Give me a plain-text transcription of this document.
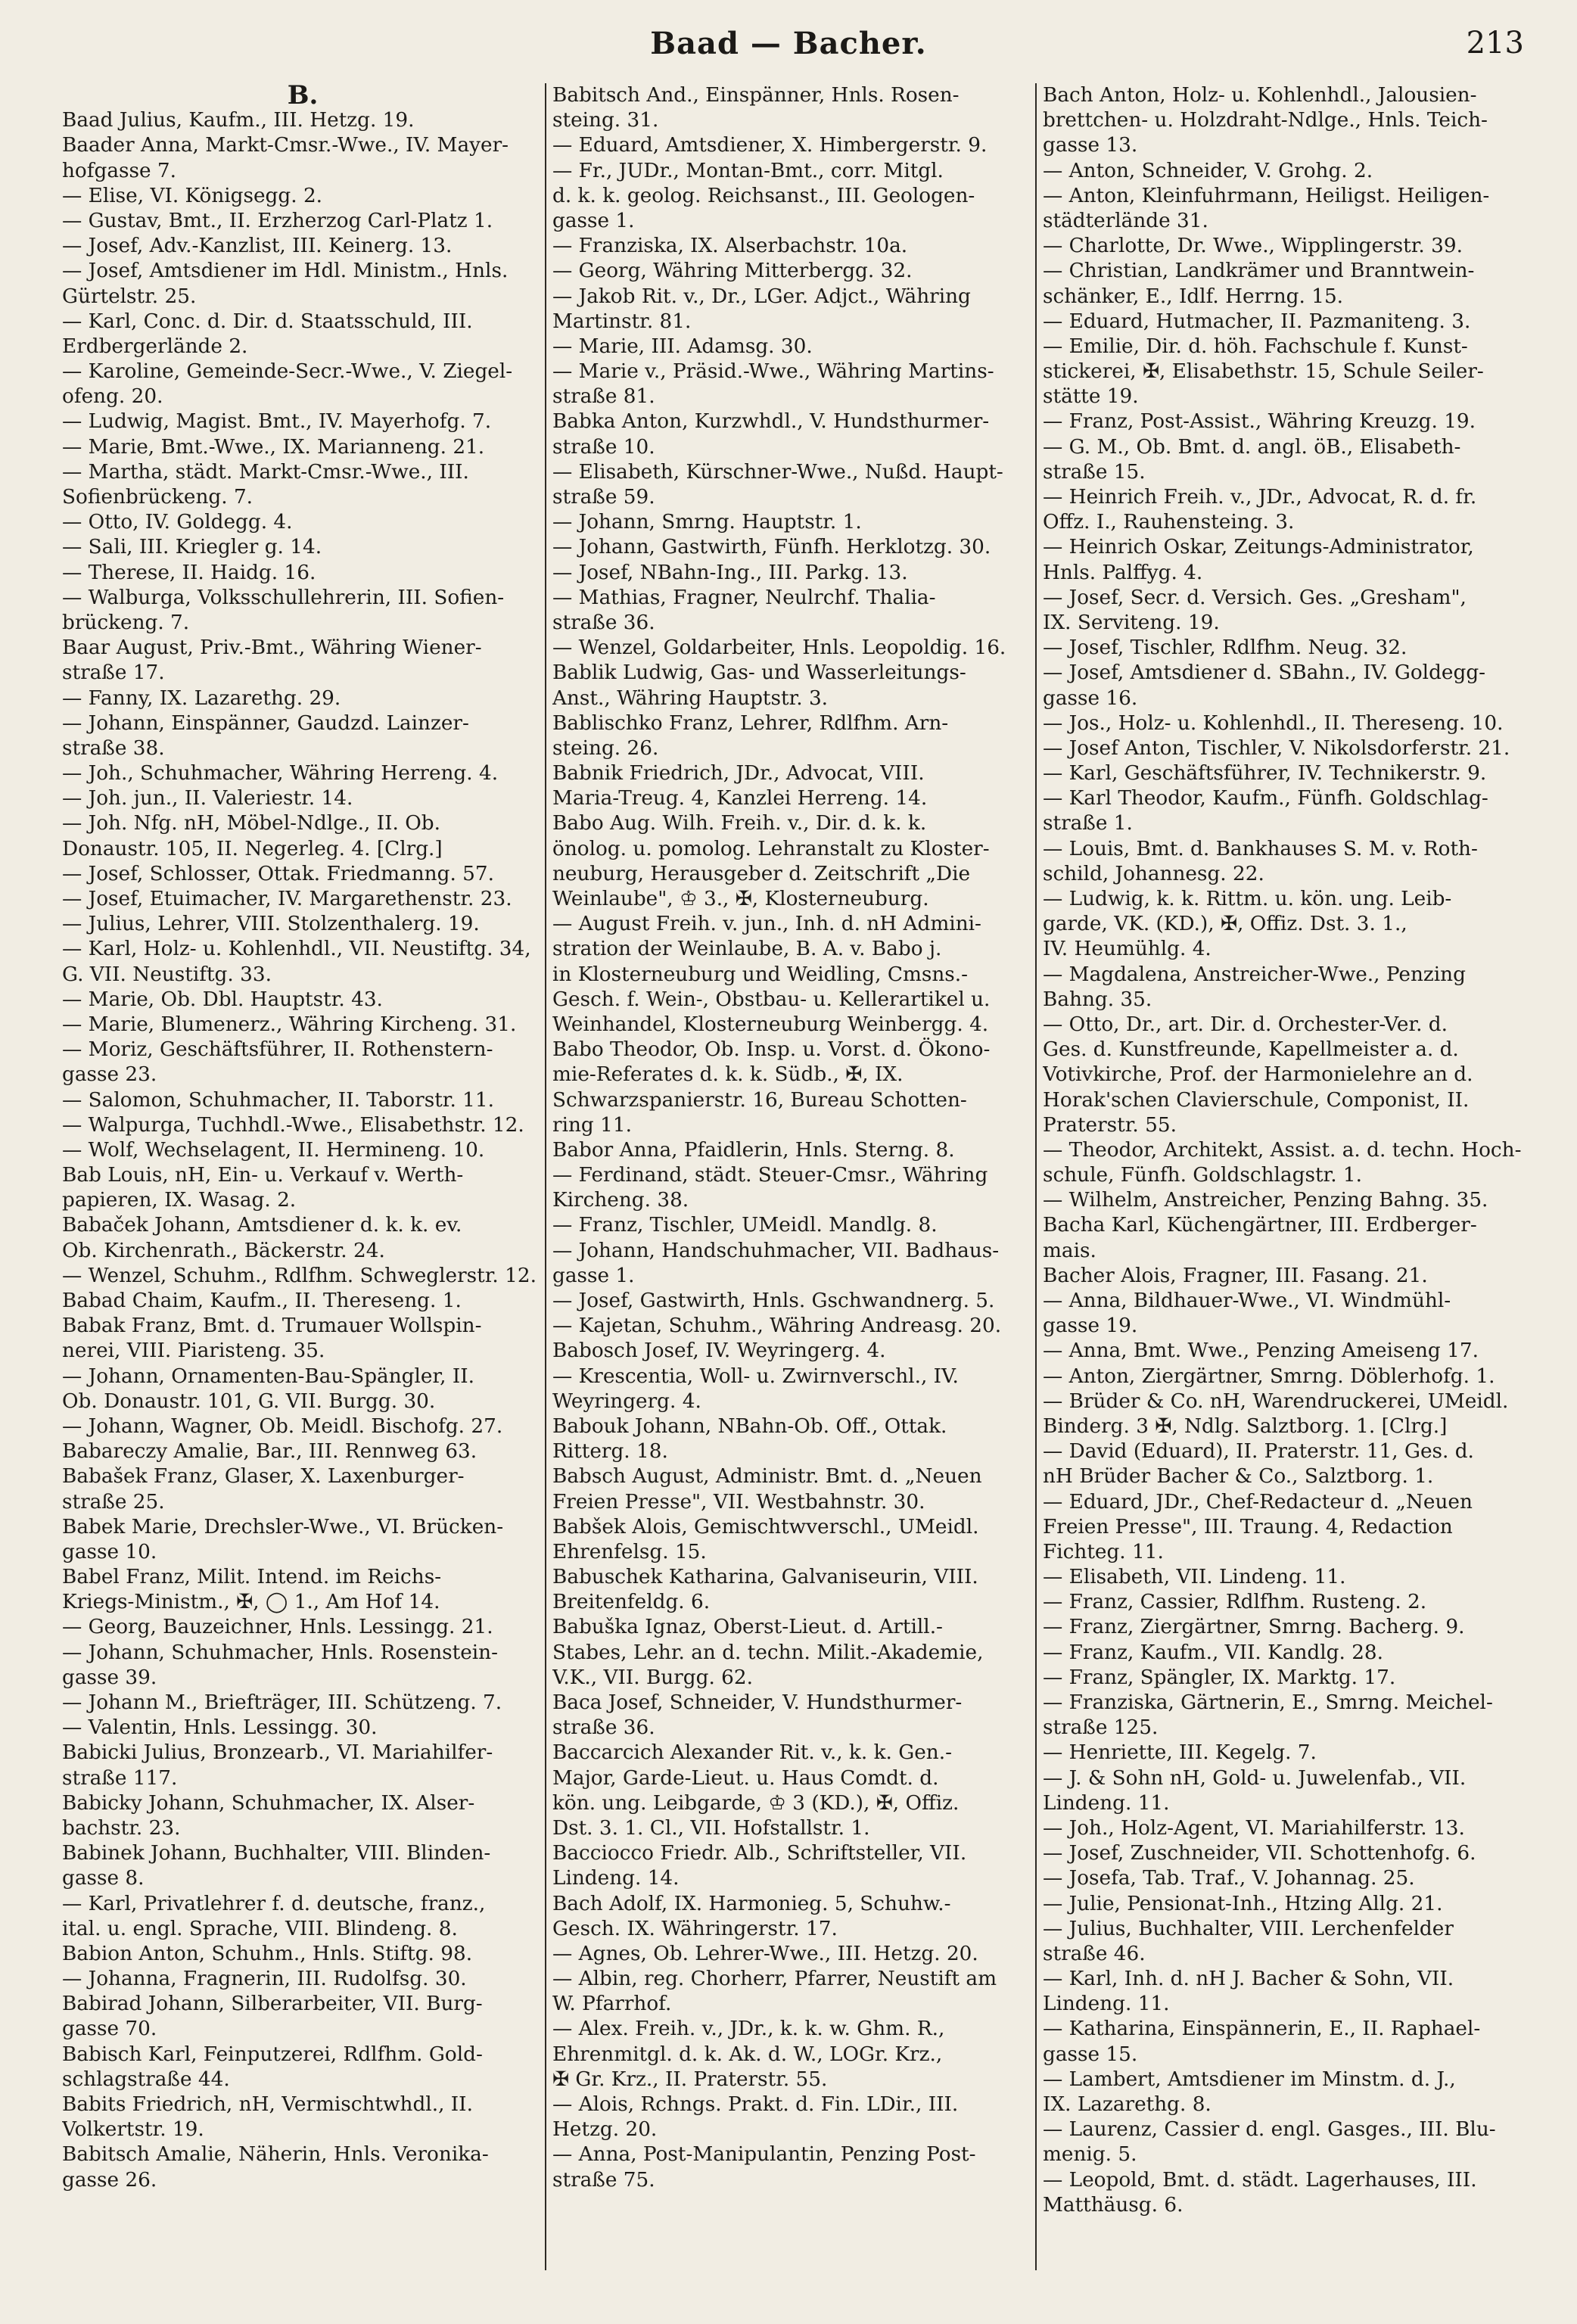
Baad — Bacher.	213
B.
Baad Julius, Kaufm., III. Hetzg. 19.
Baader Anna, Markt-Cmsr.-Wwe., IV. Mayer-
hofgasse 7.
— Elise, VI. Königsegg. 2.
— Gustav, Bmt., II. Erzherzog Carl-Platz 1.
— Josef, Adv.-Kanzlist, III. Keinerg. 13.
— Josef, Amtsdiener im Hdl. Ministm., Hnls.
Gürtelstr. 25.
— Karl, Conc. d. Dir. d. Staatsschuld, III.
Erdbergerlände 2.
— Karoline, Gemeinde-Secr.-Wwe., V. Ziegel-
ofeng. 20.
— Ludwig, Magist. Bmt., IV. Mayerhofg. 7.
— Marie, Bmt.-Wwe., IX. Marianneng. 21.
— Martha, städt. Markt-Cmsr.-Wwe., III.
Sofienbrückeng. 7.
— Otto, IV. Goldegg. 4.
— Sali, III. Kriegler g. 14.
— Therese, II. Haidg. 16.
— Walburga, Volksschullehrerin, III. Sofien-
brückeng. 7.
Baar August, Priv.-Bmt., Währing Wiener-
straße 17.
— Fanny, IX. Lazarethg. 29.
— Johann, Einspänner, Gaudzd. Lainzer-
straße 38.
— Joh., Schuhmacher, Währing Herreng. 4.
— Joh. jun., II. Valeriestr. 14.
— Joh. Nfg. nH, Möbel-Ndlge., II. Ob.
Donaustr. 105, II. Negerleg. 4. [Clrg.]
— Josef, Schlosser, Ottak. Friedmanng. 57.
— Josef, Etuimacher, IV. Margarethenstr. 23.
— Julius, Lehrer, VIII. Stolzenthalerg. 19.
— Karl, Holz- u. Kohlenhdl., VII. Neustiftg. 34,
G. VII. Neustiftg. 33.
— Marie, Ob. Dbl. Hauptstr. 43.
— Marie, Blumenerz., Währing Kircheng. 31.
— Moriz, Geschäftsführer, II. Rothenstern-
gasse 23.
— Salomon, Schuhmacher, II. Taborstr. 11.
— Walpurga, Tuchhdl.-Wwe., Elisabethstr. 12.
— Wolf, Wechselagent, II. Hermineng. 10.
Bab Louis, nH, Ein- u. Verkauf v. Werth-
papieren, IX. Wasag. 2.
Babaček Johann, Amtsdiener d. k. k. ev.
Ob. Kirchenrath., Bäckerstr. 24.
— Wenzel, Schuhm., Rdlfhm. Schweglerstr. 12.
Babad Chaim, Kaufm., II. Thereseng. 1.
Babak Franz, Bmt. d. Trumauer Wollspin-
nerei, VIII. Piaristeng. 35.
— Johann, Ornamenten-Bau-Spängler, II.
Ob. Donaustr. 101, G. VII. Burgg. 30.
— Johann, Wagner, Ob. Meidl. Bischofg. 27.
Babareczy Amalie, Bar., III. Rennweg 63.
Babašek Franz, Glaser, X. Laxenburger-
straße 25.
Babek Marie, Drechsler-Wwe., VI. Brücken-
gasse 10.
Babel Franz, Milit. Intend. im Reichs-
Kriegs-Ministm., ✠, ◯ 1., Am Hof 14.
— Georg, Bauzeichner, Hnls. Lessingg. 21.
— Johann, Schuhmacher, Hnls. Rosenstein-
gasse 39.
— Johann M., Briefträger, III. Schützeng. 7.
— Valentin, Hnls. Lessingg. 30.
Babicki Julius, Bronzearb., VI. Mariahilfer-
straße 117.
Babicky Johann, Schuhmacher, IX. Alser-
bachstr. 23.
Babinek Johann, Buchhalter, VIII. Blinden-
gasse 8.
— Karl, Privatlehrer f. d. deutsche, franz.,
ital. u. engl. Sprache, VIII. Blindeng. 8.
Babion Anton, Schuhm., Hnls. Stiftg. 98.
— Johanna, Fragnerin, III. Rudolfsg. 30.
Babirad Johann, Silberarbeiter, VII. Burg-
gasse 70.
Babisch Karl, Feinputzerei, Rdlfhm. Gold-
schlagstraße 44.
Babits Friedrich, nH, Vermischtwhdl., II.
Volkertstr. 19.
Babitsch Amalie, Näherin, Hnls. Veronika-
gasse 26.
Babitsch And., Einspänner, Hnls. Rosen-
steing. 31.
— Eduard, Amtsdiener, X. Himbergerstr. 9.
— Fr., JUDr., Montan-Bmt., corr. Mitgl.
d. k. k. geolog. Reichsanst., III. Geologen-
gasse 1.
— Franziska, IX. Alserbachstr. 10a.
— Georg, Währing Mitterbergg. 32.
— Jakob Rit. v., Dr., LGer. Adjct., Währing
Martinstr. 81.
— Marie, III. Adamsg. 30.
— Marie v., Präsid.-Wwe., Währing Martins-
straße 81.
Babka Anton, Kurzwhdl., V. Hundsthurmer-
straße 10.
— Elisabeth, Kürschner-Wwe., Nußd. Haupt-
straße 59.
— Johann, Smrng. Hauptstr. 1.
— Johann, Gastwirth, Fünfh. Herklotzg. 30.
— Josef, NBahn-Ing., III. Parkg. 13.
— Mathias, Fragner, Neulrchf. Thalia-
straße 36.
— Wenzel, Goldarbeiter, Hnls. Leopoldig. 16.
Bablik Ludwig, Gas- und Wasserleitungs-
Anst., Währing Hauptstr. 3.
Bablischko Franz, Lehrer, Rdlfhm. Arn-
steing. 26.
Babnik Friedrich, JDr., Advocat, VIII.
Maria-Treug. 4, Kanzlei Herreng. 14.
Babo Aug. Wilh. Freih. v., Dir. d. k. k.
önolog. u. pomolog. Lehranstalt zu Kloster-
neuburg, Herausgeber d. Zeitschrift „Die
Weinlaube", ♔ 3., ✠, Klosterneuburg.
— August Freih. v. jun., Inh. d. nH Admini-
stration der Weinlaube, B. A. v. Babo j.
in Klosterneuburg und Weidling, Cmsns.-
Gesch. f. Wein-, Obstbau- u. Kellerartikel u.
Weinhandel, Klosterneuburg Weinbergg. 4.
Babo Theodor, Ob. Insp. u. Vorst. d. Ökono-
mie-Referates d. k. k. Südb., ✠, IX.
Schwarzspanierstr. 16, Bureau Schotten-
ring 11.
Babor Anna, Pfaidlerin, Hnls. Sterng. 8.
— Ferdinand, städt. Steuer-Cmsr., Währing
Kircheng. 38.
— Franz, Tischler, UMeidl. Mandlg. 8.
— Johann, Handschuhmacher, VII. Badhaus-
gasse 1.
— Josef, Gastwirth, Hnls. Gschwandnerg. 5.
— Kajetan, Schuhm., Währing Andreasg. 20.
Babosch Josef, IV. Weyringerg. 4.
— Krescentia, Woll- u. Zwirnverschl., IV.
Weyringerg. 4.
Babouk Johann, NBahn-Ob. Off., Ottak.
Ritterg. 18.
Babsch August, Administr. Bmt. d. „Neuen
Freien Presse", VII. Westbahnstr. 30.
Babšek Alois, Gemischtwverschl., UMeidl.
Ehrenfelsg. 15.
Babuschek Katharina, Galvaniseurin, VIII.
Breitenfeldg. 6.
Babuška Ignaz, Oberst-Lieut. d. Artill.-
Stabes, Lehr. an d. techn. Milit.-Akademie,
V.K., VII. Burgg. 62.
Baca Josef, Schneider, V. Hundsthurmer-
straße 36.
Baccarcich Alexander Rit. v., k. k. Gen.-
Major, Garde-Lieut. u. Haus Comdt. d.
kön. ung. Leibgarde, ♔ 3 (KD.), ✠, Offiz.
Dst. 3. 1. Cl., VII. Hofstallstr. 1.
Bacciocco Friedr. Alb., Schriftsteller, VII.
Lindeng. 14.
Bach Adolf, IX. Harmonieg. 5, Schuhw.-
Gesch. IX. Währingerstr. 17.
— Agnes, Ob. Lehrer-Wwe., III. Hetzg. 20.
— Albin, reg. Chorherr, Pfarrer, Neustift am
W. Pfarrhof.
— Alex. Freih. v., JDr., k. k. w. Ghm. R.,
Ehrenmitgl. d. k. Ak. d. W., LOGr. Krz.,
✠ Gr. Krz., II. Praterstr. 55.
— Alois, Rchngs. Prakt. d. Fin. LDir., III.
Hetzg. 20.
— Anna, Post-Manipulantin, Penzing Post-
straße 75.
Bach Anton, Holz- u. Kohlenhdl., Jalousien-
brettchen- u. Holzdraht-Ndlge., Hnls. Teich-
gasse 13.
— Anton, Schneider, V. Grohg. 2.
— Anton, Kleinfuhrmann, Heiligst. Heiligen-
städterlände 31.
— Charlotte, Dr. Wwe., Wipplingerstr. 39.
— Christian, Landkrämer und Branntwein-
schänker, E., Idlf. Herrng. 15.
— Eduard, Hutmacher, II. Pazmaniteng. 3.
— Emilie, Dir. d. höh. Fachschule f. Kunst-
stickerei, ✠, Elisabethstr. 15, Schule Seiler-
stätte 19.
— Franz, Post-Assist., Währing Kreuzg. 19.
— G. M., Ob. Bmt. d. angl. öB., Elisabeth-
straße 15.
— Heinrich Freih. v., JDr., Advocat, R. d. fr.
Offz. I., Rauhensteing. 3.
— Heinrich Oskar, Zeitungs-Administrator,
Hnls. Palffyg. 4.
— Josef, Secr. d. Versich. Ges. „Gresham",
IX. Serviteng. 19.
— Josef, Tischler, Rdlfhm. Neug. 32.
— Josef, Amtsdiener d. SBahn., IV. Goldegg-
gasse 16.
— Jos., Holz- u. Kohlenhdl., II. Thereseng. 10.
— Josef Anton, Tischler, V. Nikolsdorferstr. 21.
— Karl, Geschäftsführer, IV. Technikerstr. 9.
— Karl Theodor, Kaufm., Fünfh. Goldschlag-
straße 1.
— Louis, Bmt. d. Bankhauses S. M. v. Roth-
schild, Johannesg. 22.
— Ludwig, k. k. Rittm. u. kön. ung. Leib-
garde, VK. (KD.), ✠, Offiz. Dst. 3. 1.,
IV. Heumühlg. 4.
— Magdalena, Anstreicher-Wwe., Penzing
Bahng. 35.
— Otto, Dr., art. Dir. d. Orchester-Ver. d.
Ges. d. Kunstfreunde, Kapellmeister a. d.
Votivkirche, Prof. der Harmonielehre an d.
Horak'schen Clavierschule, Componist, II.
Praterstr. 55.
— Theodor, Architekt, Assist. a. d. techn. Hoch-
schule, Fünfh. Goldschlagstr. 1.
— Wilhelm, Anstreicher, Penzing Bahng. 35.
Bacha Karl, Küchengärtner, III. Erdberger-
mais.
Bacher Alois, Fragner, III. Fasang. 21.
— Anna, Bildhauer-Wwe., VI. Windmühl-
gasse 19.
— Anna, Bmt. Wwe., Penzing Ameiseng 17.
— Anton, Ziergärtner, Smrng. Döblerhofg. 1.
— Brüder & Co. nH, Warendruckerei, UMeidl.
Binderg. 3 ✠, Ndlg. Salztborg. 1. [Clrg.]
— David (Eduard), II. Praterstr. 11, Ges. d.
nH Brüder Bacher & Co., Salztborg. 1.
— Eduard, JDr., Chef-Redacteur d. „Neuen
Freien Presse", III. Traung. 4, Redaction
Fichteg. 11.
— Elisabeth, VII. Lindeng. 11.
— Franz, Cassier, Rdlfhm. Rusteng. 2.
— Franz, Ziergärtner, Smrng. Bacherg. 9.
— Franz, Kaufm., VII. Kandlg. 28.
— Franz, Spängler, IX. Marktg. 17.
— Franziska, Gärtnerin, E., Smrng. Meichel-
straße 125.
— Henriette, III. Kegelg. 7.
— J. & Sohn nH, Gold- u. Juwelenfab., VII.
Lindeng. 11.
— Joh., Holz-Agent, VI. Mariahilferstr. 13.
— Josef, Zuschneider, VII. Schottenhofg. 6.
— Josefa, Tab. Traf., V. Johannag. 25.
— Julie, Pensionat-Inh., Htzing Allg. 21.
— Julius, Buchhalter, VIII. Lerchenfelder
straße 46.
— Karl, Inh. d. nH J. Bacher & Sohn, VII.
Lindeng. 11.
— Katharina, Einspännerin, E., II. Raphael-
gasse 15.
— Lambert, Amtsdiener im Minstm. d. J.,
IX. Lazarethg. 8.
— Laurenz, Cassier d. engl. Gasges., III. Blu-
menig. 5.
— Leopold, Bmt. d. städt. Lagerhauses, III.
Matthäusg. 6.
